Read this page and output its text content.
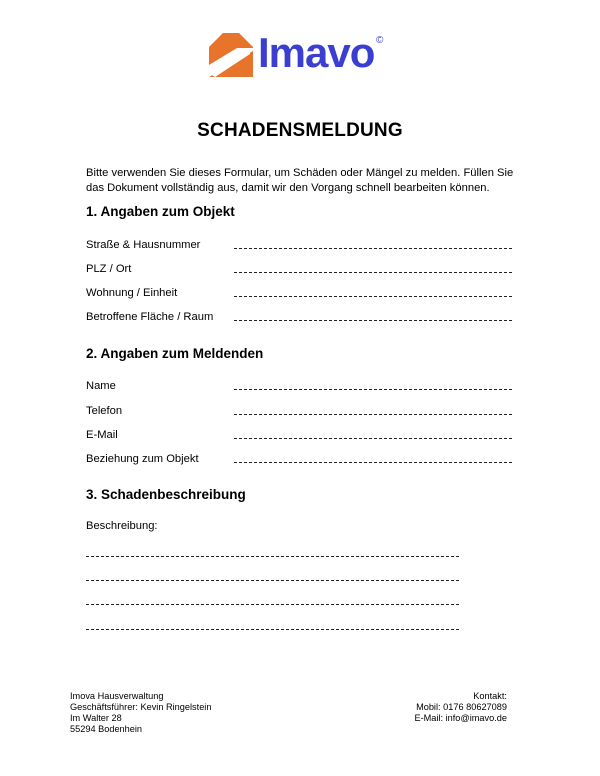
Imavo ©
SCHADENSMELDUNG
Bitte verwenden Sie dieses Formular, um Schäden oder Mängel zu melden. Füllen Sie
das Dokument vollständig aus, damit wir den Vorgang schnell bearbeiten können.
1. Angaben zum Objekt
Straße & Hausnummer
PLZ / Ort
Wohnung / Einheit
Betroffene Fläche / Raum
2. Angaben zum Meldenden
Name
Telefon
E-Mail
Beziehung zum Objekt
3. Schadenbeschreibung
Beschreibung:
Imova Hausverwaltung
Geschäftsführer: Kevin Ringelstein
Im Walter 28
55294 Bodenhein
Kontakt:
Mobil: 0176 80627089
E-Mail: info@imavo.de
